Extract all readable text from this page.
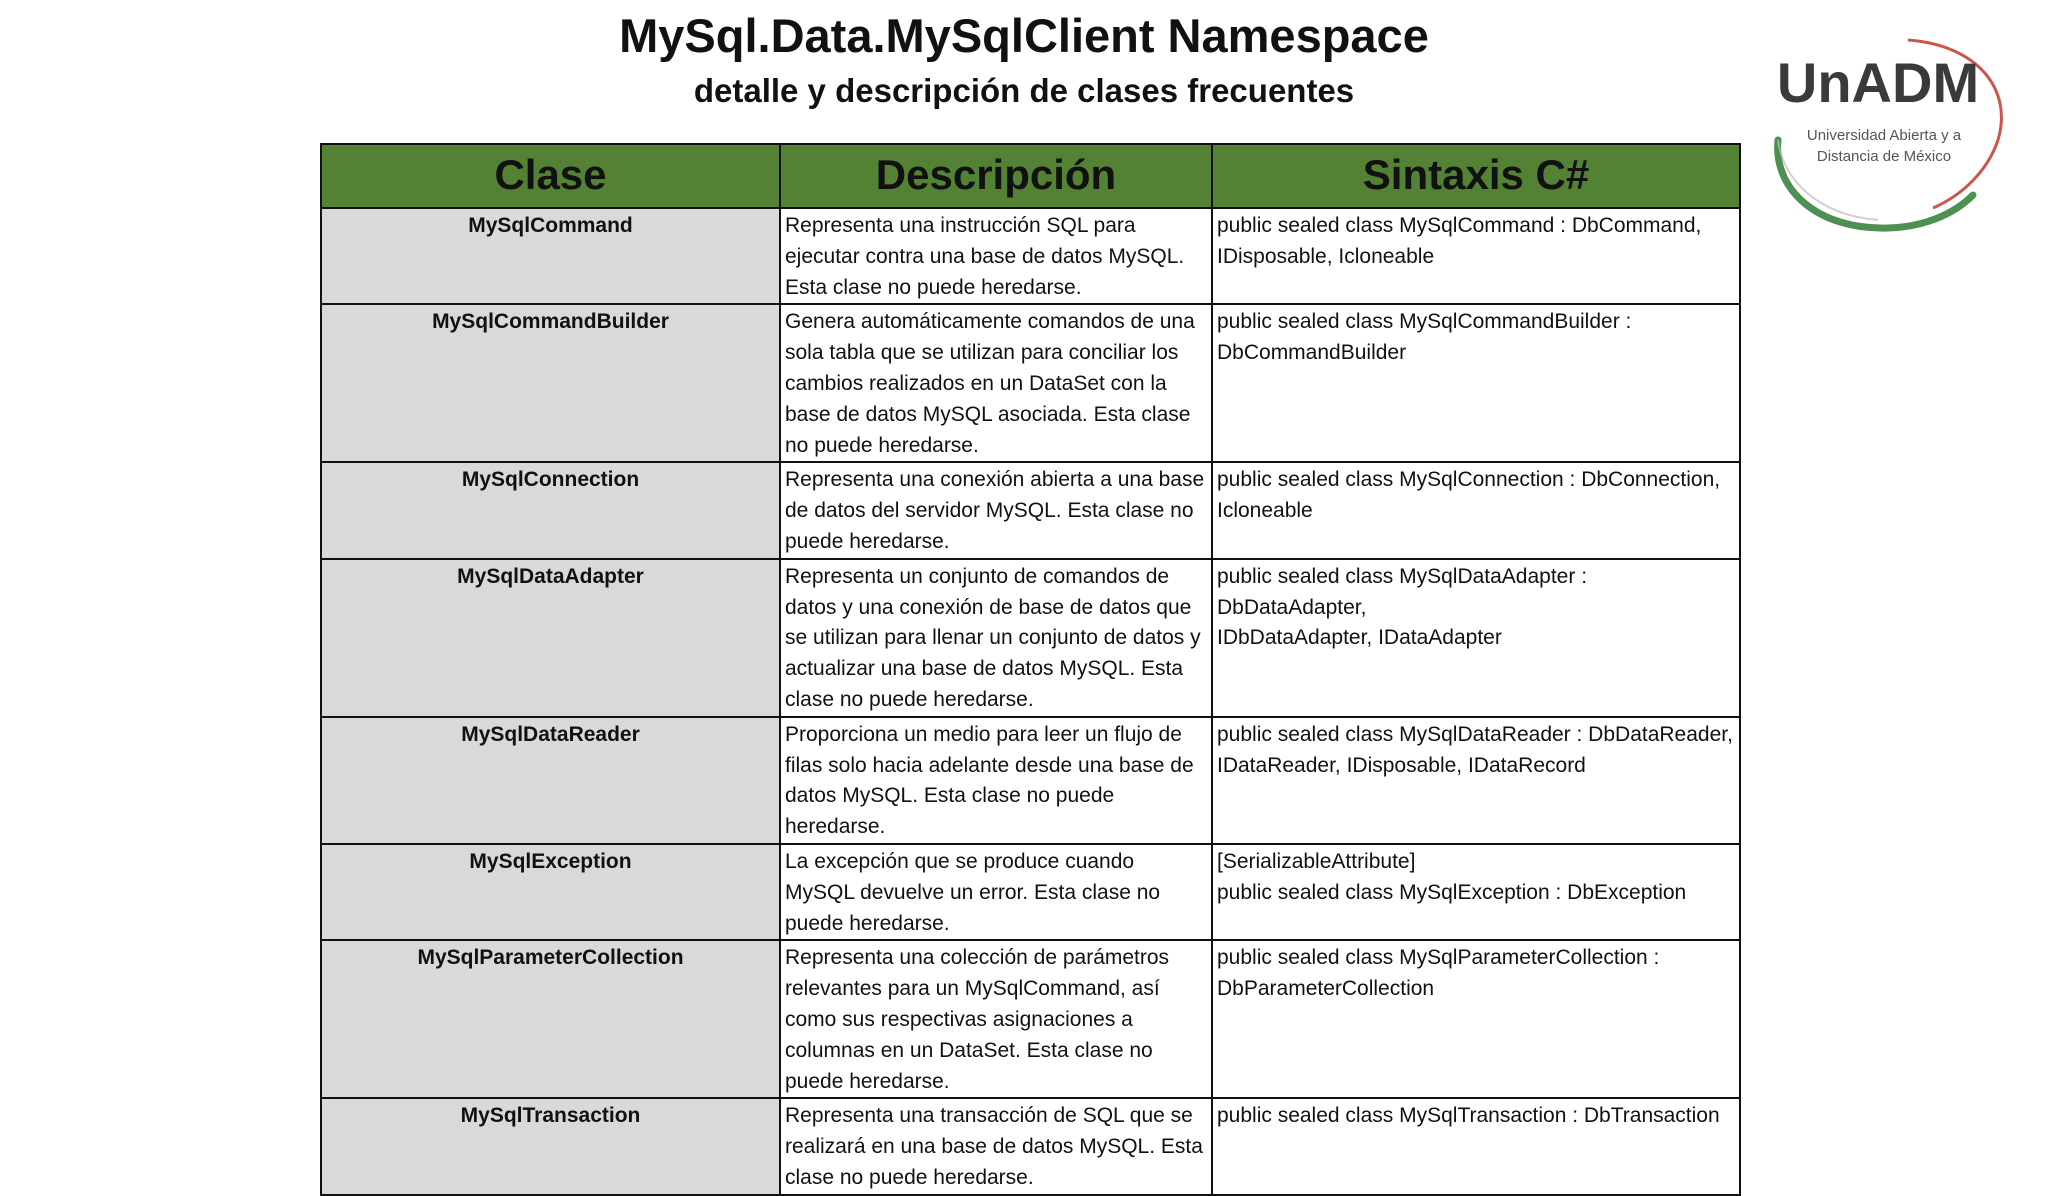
MySql.Data.MySqlClient Namespace
detalle y descripción de clases frecuentes	UnADM
Universidad Abierta y a
Distancia de México
Clase	Descripción	Sintaxis C#
MySqlCommand	Representa una instrucción SQL para ejecutar contra una base de datos MySQL. Esta clase no puede heredarse.	public sealed class MySqlCommand : DbCommand, IDisposable, Icloneable

MySqlCommandBuilder	Genera automáticamente comandos de una sola tabla que se utilizan para conciliar los cambios realizados en un DataSet con la base de datos MySQL asociada. Esta clase no puede heredarse.	public sealed class MySqlCommandBuilder : DbCommandBuilder

MySqlConnection	Representa una conexión abierta a una base de datos del servidor MySQL. Esta clase no puede heredarse.	public sealed class MySqlConnection : DbConnection, Icloneable

MySqlDataAdapter	Representa un conjunto de comandos de datos y una conexión de base de datos que se utilizan para llenar un conjunto de datos y actualizar una base de datos MySQL. Esta clase no puede heredarse.	public sealed class MySqlDataAdapter : DbDataAdapter,
IDbDataAdapter, IDataAdapter

MySqlDataReader	Proporciona un medio para leer un flujo de filas solo hacia adelante desde una base de datos MySQL. Esta clase no puede heredarse.	public sealed class MySqlDataReader : DbDataReader, IDataReader, IDisposable, IDataRecord

MySqlException	La excepción que se produce cuando MySQL devuelve un error. Esta clase no puede heredarse.	[SerializableAttribute]
public sealed class MySqlException : DbException

MySqlParameterCollection	Representa una colección de parámetros relevantes para un MySqlCommand, así como sus respectivas asignaciones a columnas en un DataSet. Esta clase no puede heredarse.	public sealed class MySqlParameterCollection : DbParameterCollection

MySqlTransaction	Representa una transacción de SQL que se realizará en una base de datos MySQL. Esta clase no puede heredarse.	public sealed class MySqlTransaction : DbTransaction
